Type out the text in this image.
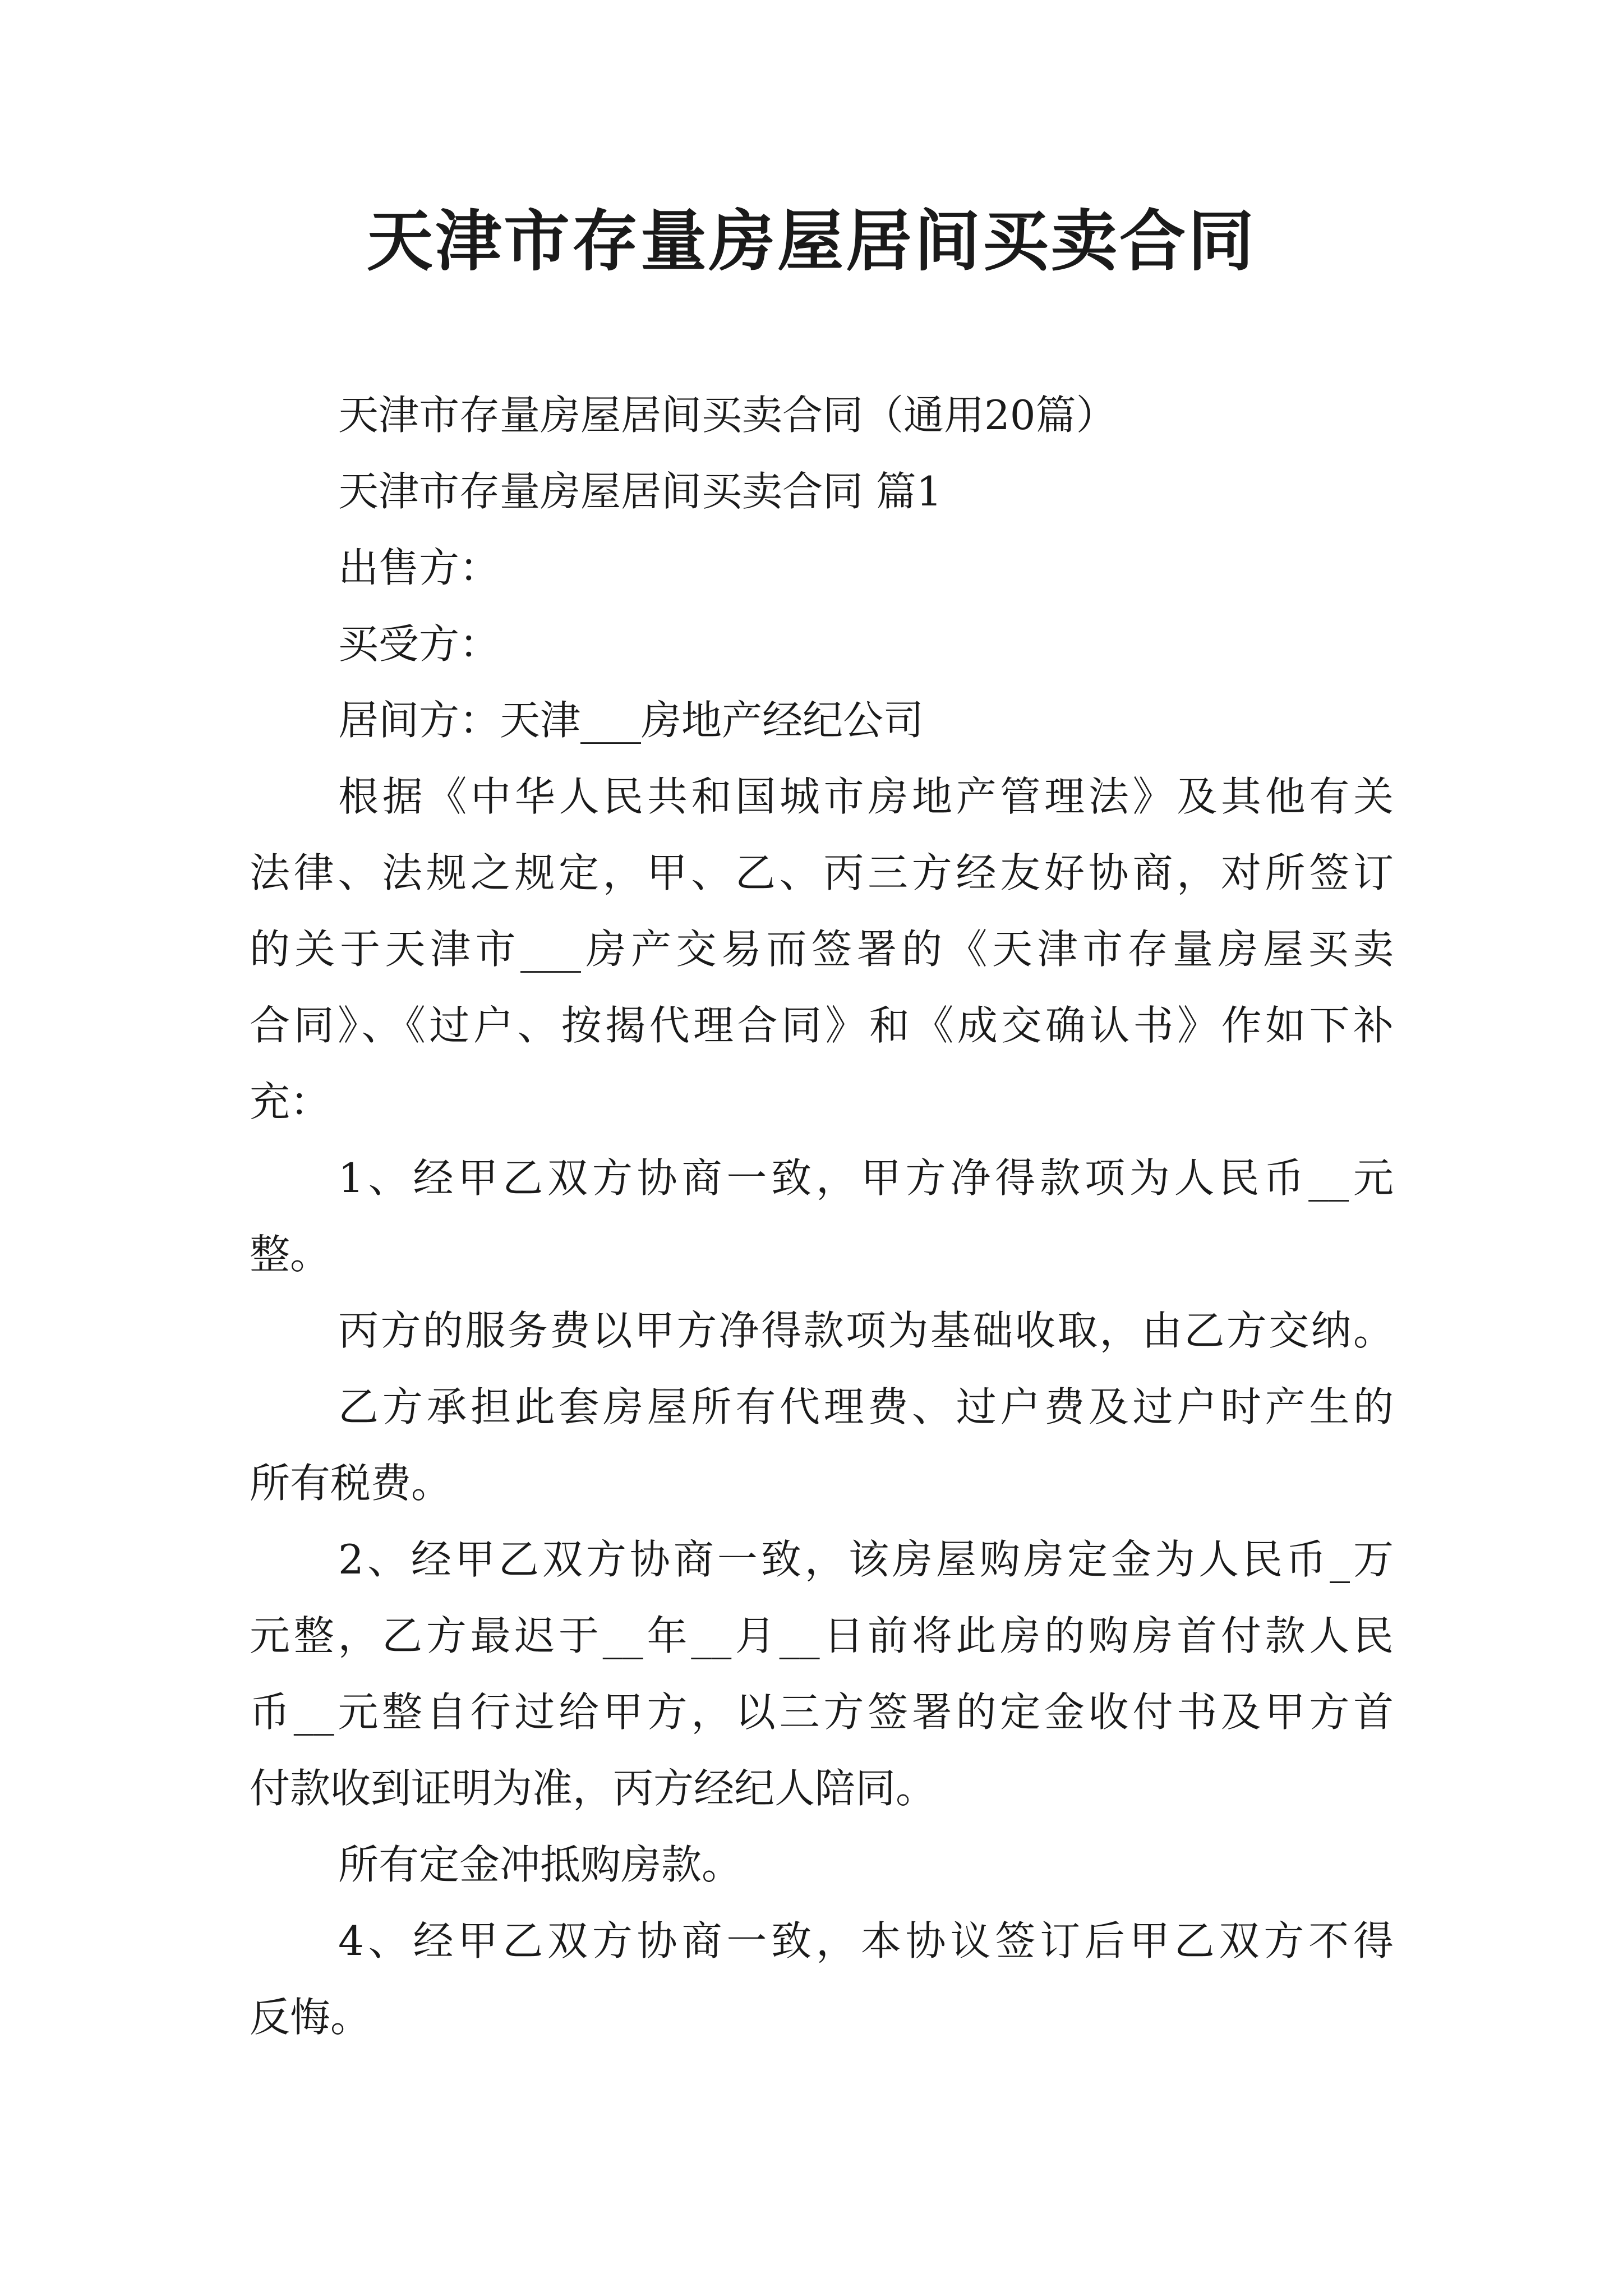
天津市存量房屋居间买卖合同

天津市存量房屋居间买卖合同（通用20篇）

天津市存量房屋居间买卖合同 篇1

出售方：

买受方：

居间方：天津___房地产经纪公司

根据《中华人民共和国城市房地产管理法》及其他有关

法律、法规之规定，甲、乙、丙三方经友好协商，对所签订

的关于天津市___房产交易而签署的《天津市存量房屋买卖

合同》、《过户、按揭代理合同》和《成交确认书》作如下补

充：

1、经甲乙双方协商一致，甲方净得款项为人民币__元

整。

丙方的服务费以甲方净得款项为基础收取，由乙方交纳。

乙方承担此套房屋所有代理费、过户费及过户时产生的

所有税费。

2、经甲乙双方协商一致，该房屋购房定金为人民币_万

元整，乙方最迟于__年__月__日前将此房的购房首付款人民

币__元整自行过给甲方，以三方签署的定金收付书及甲方首

付款收到证明为准，丙方经纪人陪同。

所有定金冲抵购房款。

4、经甲乙双方协商一致，本协议签订后甲乙双方不得

反悔。
